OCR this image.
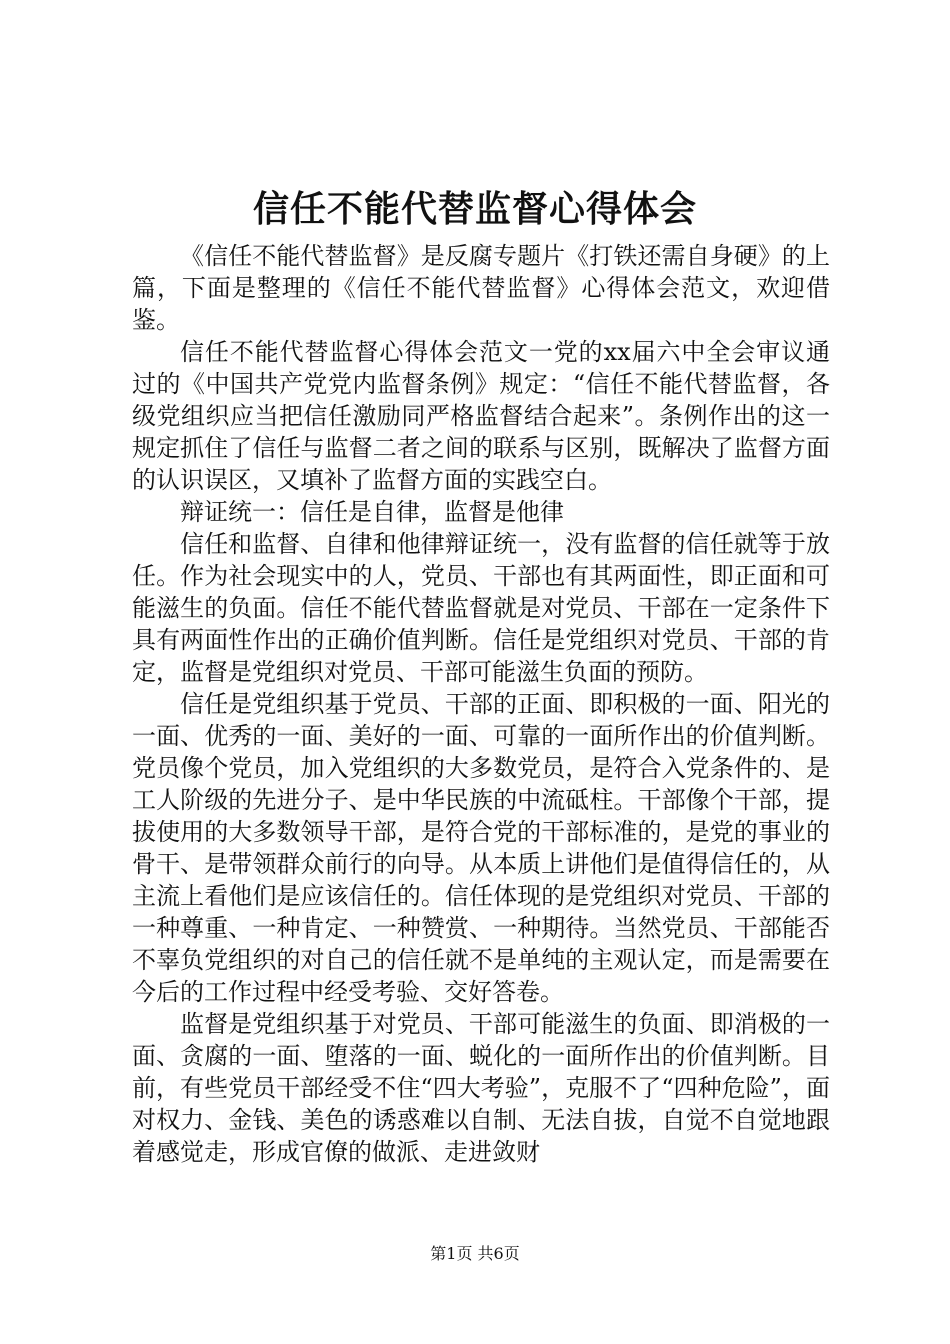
信任不能代替监督心得体会

《信任不能代替监督》是反腐专题片《打铁还需自身硬》的上篇，下面是整理的《信任不能代替监督》心得体会范文，欢迎借鉴。

信任不能代替监督心得体会范文一党的xx届六中全会审议通过的《中国共产党党内监督条例》规定：“信任不能代替监督，各级党组织应当把信任激励同严格监督结合起来”。条例作出的这一规定抓住了信任与监督二者之间的联系与区别，既解决了监督方面的认识误区，又填补了监督方面的实践空白。

辩证统一：信任是自律，监督是他律

信任和监督、自律和他律辩证统一，没有监督的信任就等于放任。作为社会现实中的人，党员、干部也有其两面性，即正面和可能滋生的负面。信任不能代替监督就是对党员、干部在一定条件下具有两面性作出的正确价值判断。信任是党组织对党员、干部的肯定，监督是党组织对党员、干部可能滋生负面的预防。

信任是党组织基于党员、干部的正面、即积极的一面、阳光的一面、优秀的一面、美好的一面、可靠的一面所作出的价值判断。党员像个党员，加入党组织的大多数党员，是符合入党条件的、是工人阶级的先进分子、是中华民族的中流砥柱。干部像个干部，提拔使用的大多数领导干部，是符合党的干部标准的，是党的事业的骨干、是带领群众前行的向导。从本质上讲他们是值得信任的，从主流上看他们是应该信任的。信任体现的是党组织对党员、干部的一种尊重、一种肯定、一种赞赏、一种期待。当然党员、干部能否不辜负党组织的对自己的信任就不是单纯的主观认定，而是需要在今后的工作过程中经受考验、交好答卷。

监督是党组织基于对党员、干部可能滋生的负面、即消极的一面、贪腐的一面、堕落的一面、蜕化的一面所作出的价值判断。目前，有些党员干部经受不住“四大考验”，克服不了“四种危险”，面对权力、金钱、美色的诱惑难以自制、无法自拔，自觉不自觉地跟着感觉走，形成官僚的做派、走进敛财

第1页 共6页
